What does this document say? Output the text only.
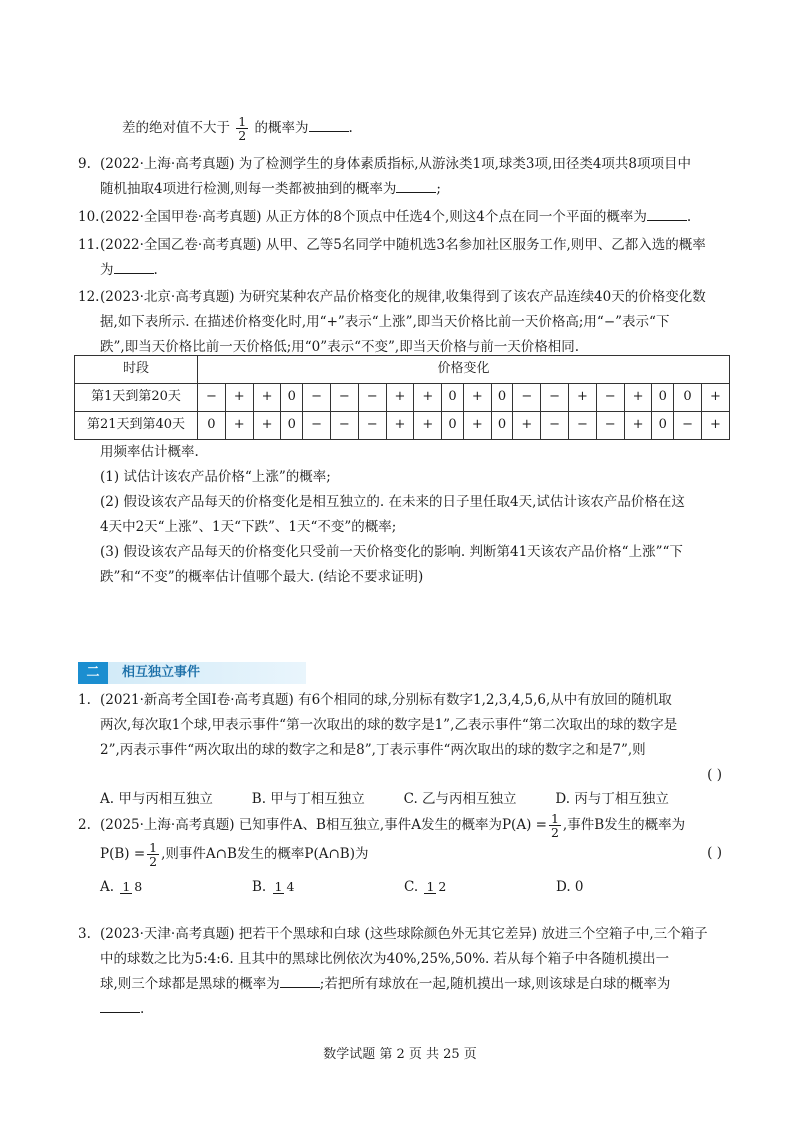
差的绝对值不大于 $\frac{1}{2}$ 的概率为	.
9. (2022·上海·高考真题) 为了检测学生的身体素质指标,从游泳类1项,球类3项,田径类4项共8项项目中
随机抽取4项进行检测,则每一类都被抽到的概率为	;
10.(2022·全国甲卷·高考真题) 从正方体的8个顶点中任选4个,则这4个点在同一个平面的概率为	.
11.(2022·全国乙卷·高考真题) 从甲、乙等5名同学中随机选3名参加社区服务工作,则甲、乙都入选的概率
为	.
12.(2023·北京·高考真题) 为研究某种农产品价格变化的规律,收集得到了该农产品连续40天的价格变化数
据,如下表所示. 在描述价格变化时,用“+”表示“上涨”,即当天价格比前一天价格高;用“−”表示“下
跌”,即当天价格比前一天价格低;用“0”表示“不变”,即当天价格与前一天价格相同.
时段	价格变化																			
第1天到第20天	−	+	+	0	−	−	−	+	+	0	+	0	−	−	+	−	+	0	0	+
第21天到第40天	0	+	+	0	−	−	−	+	+	0	+	0	+	−	−	−	+	0	−	+
用频率估计概率.
(1) 试估计该农产品价格“上涨”的概率;
(2) 假设该农产品每天的价格变化是相互独立的. 在未来的日子里任取4天,试估计该农产品价格在这
4天中2天“上涨”、1天“下跌”、1天“不变”的概率;
(3) 假设该农产品每天的价格变化只受前一天价格变化的影响. 判断第41天该农产品价格“上涨”“下
跌”和“不变”的概率估计值哪个最大. (结论不要求证明)
二	相互独立事件
1. (2021·新高考全国Ⅰ卷·高考真题) 有6个相同的球,分别标有数字1,2,3,4,5,6,从中有放回的随机取
两次,每次取1个球,甲表示事件“第一次取出的球的数字是1”,乙表示事件“第二次取出的球的数字是
2”,丙表示事件“两次取出的球的数字之和是8”,丁表示事件“两次取出的球的数字之和是7”,则
( )
A. 甲与丙相互独立	B. 甲与丁相互独立	C. 乙与丙相互独立	D. 丙与丁相互独立
2. (2025·上海·高考真题) 已知事件A、B相互独立,事件A发生的概率为$P(A) = \frac{1}{2}$ ,事件B发生的概率为
$P(B) = \frac{1}{2}$ ,则事件A∩B发生的概率P(A∩B)为	( )
A. 1 8	B. 1 4	C. 1 2	D. 0
3. (2023·天津·高考真题) 把若干个黑球和白球 (这些球除颜色外无其它差异) 放进三个空箱子中,三个箱子
中的球数之比为5:4:6. 且其中的黑球比例依次为40%,25%,50%. 若从每个箱子中各随机摸出一
球,则三个球都是黑球的概率为	;若把所有球放在一起,随机摸出一球,则该球是白球的概率为
.
数学试题 第 2 页 共 25 页
